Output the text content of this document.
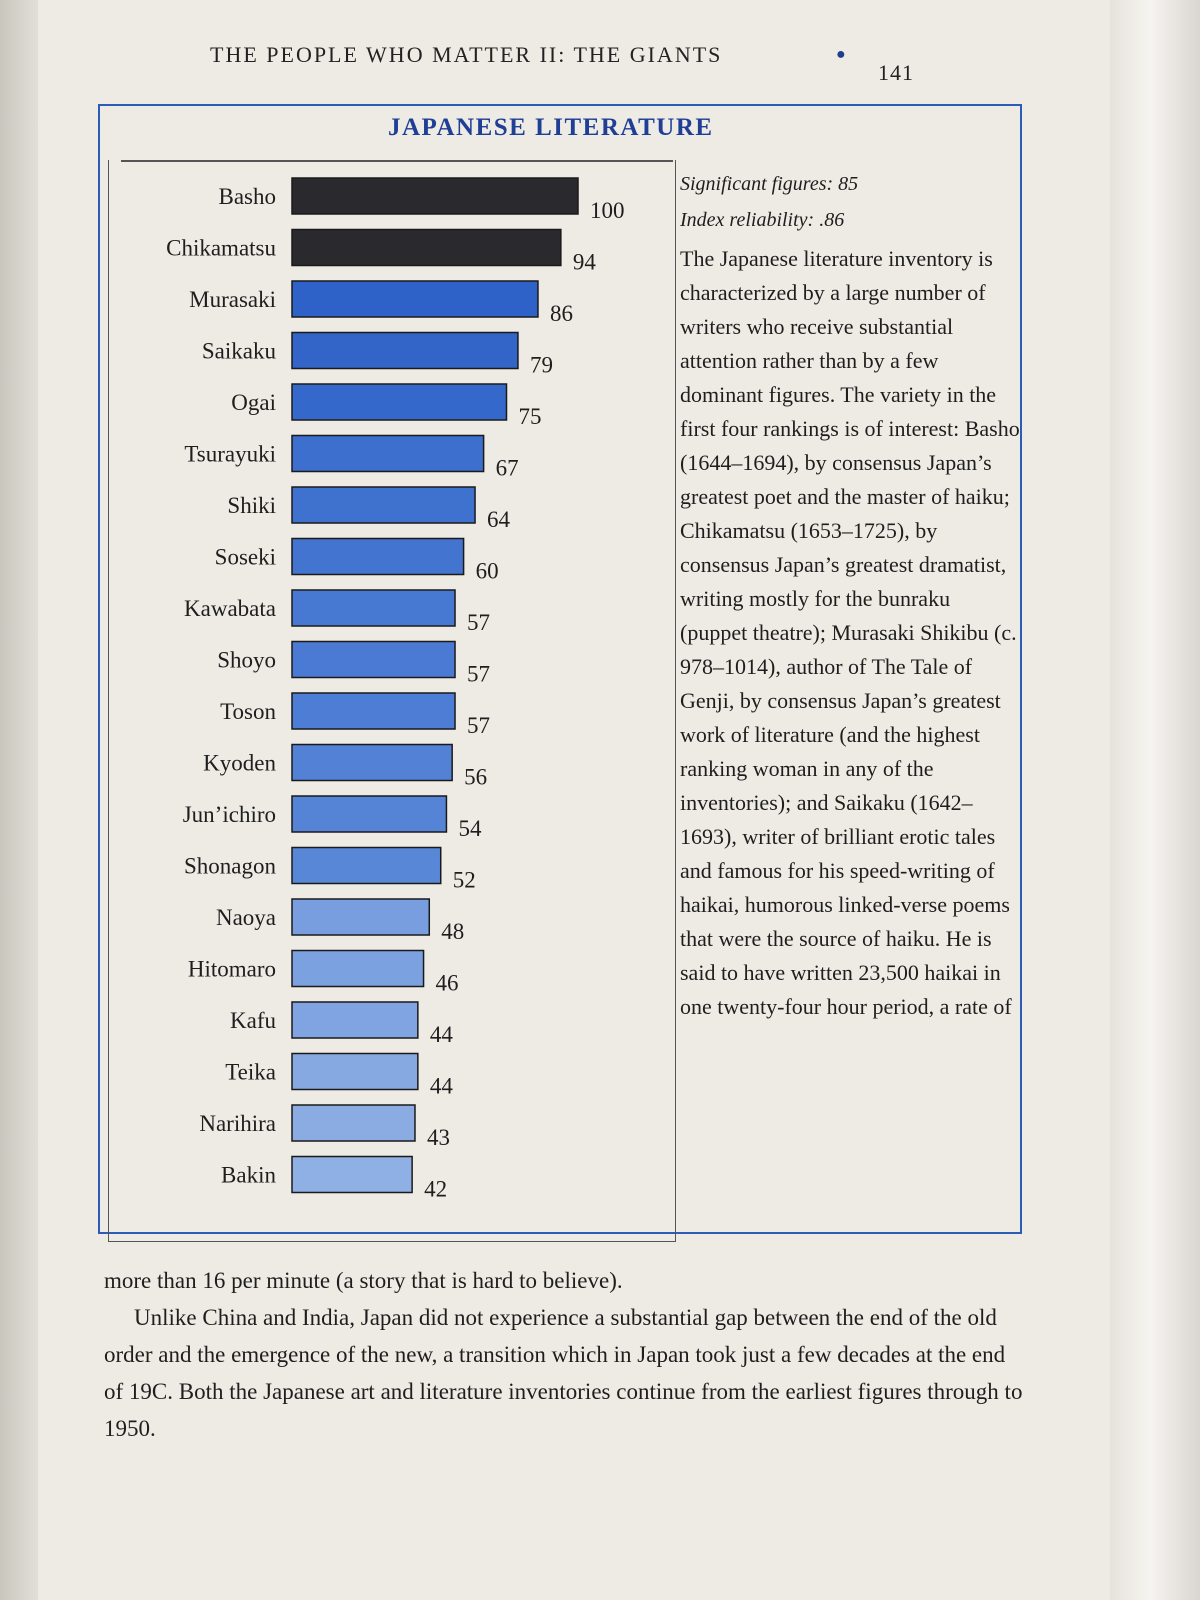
THE PEOPLE WHO MATTER II: THE GIANTS	●
141
JAPANESE LITERATURE
Basho
100
Chikamatsu
94
Murasaki
86
Saikaku
79
Ogai
75
Tsurayuki
67
Shiki
64
Soseki
60
Kawabata
57
Shoyo
57
Toson
57
Kyoden
56
Jun’ichiro
54
Shonagon
52
Naoya
48
Hitomaro
46
Kafu
44
Teika
44
Narihira
43
Bakin
42
Significant figures: 85
Index reliability: .86

The Japanese literature inventory is characterized by a large number of writers who receive substantial attention rather than by a few dominant figures. The variety in the first four rankings is of interest: Basho (1644–1694), by consensus Japan’s greatest poet and the master of haiku; Chikamatsu (1653–1725), by consensus Japan’s greatest dramatist, writing mostly for the bunraku (puppet theatre); Murasaki Shikibu (c. 978–1014), author of The Tale of Genji, by consensus Japan’s greatest work of literature (and the highest ranking woman in any of the inventories); and Saikaku (1642–1693), writer of brilliant erotic tales and famous for his speed-writing of haikai, humorous linked-verse poems that were the source of haiku. He is said to have written 23,500 haikai in one twenty-four hour period, a rate of

more than 16 per minute (a story that is hard to believe).

Unlike China and India, Japan did not experience a substantial gap between the end of the old order and the emergence of the new, a transition which in Japan took just a few decades at the end of 19C. Both the Japanese art and literature inventories continue from the earliest figures through to 1950.
